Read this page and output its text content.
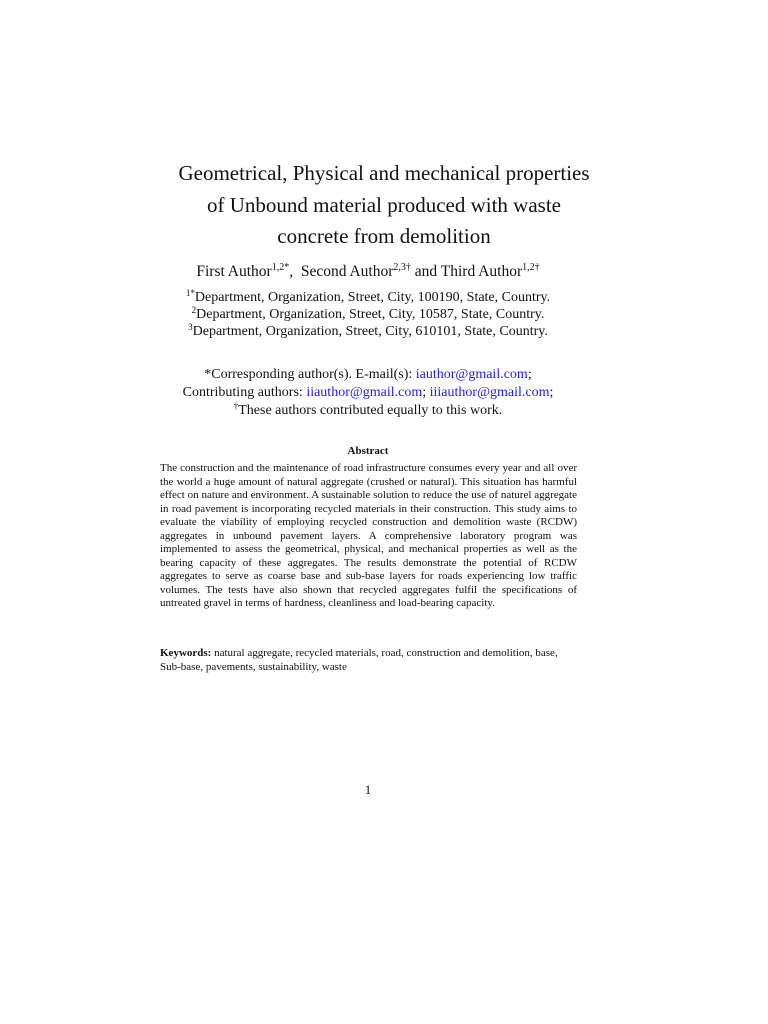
Geometrical, Physical and mechanical properties
of Unbound material produced with waste
concrete from demolition
First Author$^{1,2*}$,  Second Author$^{2,3\dagger}$ and Third Author$^{1,2\dagger}$
$^{1*}$Department, Organization, Street, City, 100190, State, Country.
$^2$Department, Organization, Street, City, 10587, State, Country.
$^3$Department, Organization, Street, City, 610101, State, Country.
*Corresponding author(s). E-mail(s): iauthor@gmail.com;
Contributing authors: iiauthor@gmail.com; iiiauthor@gmail.com;
†These authors contributed equally to this work.
Abstract

The construction and the maintenance of road infrastructure consumes every year and all over the world a huge amount of natural aggregate (crushed or natural). This situation has harmful effect on nature and environment. A sustainable solution to reduce the use of naturel aggregate in road pavement is incorporating recycled materials in their construction. This study aims to evaluate the viability of employing recycled construction and demolition waste (RCDW) aggregates in unbound pavement layers. A comprehensive laboratory program was implemented to assess the geometrical, physical, and mechanical properties as well as the bearing capacity of these aggregates. The results demonstrate the potential of RCDW aggregates to serve as coarse base and sub-base layers for roads experiencing low traffic volumes. The tests have also shown that recycled aggregates fulfil the specifications of untreated gravel in terms of hardness, cleanliness and load-bearing capacity.

Keywords: natural aggregate, recycled materials, road, construction and demolition, base, Sub-base, pavements, sustainability, waste

1
